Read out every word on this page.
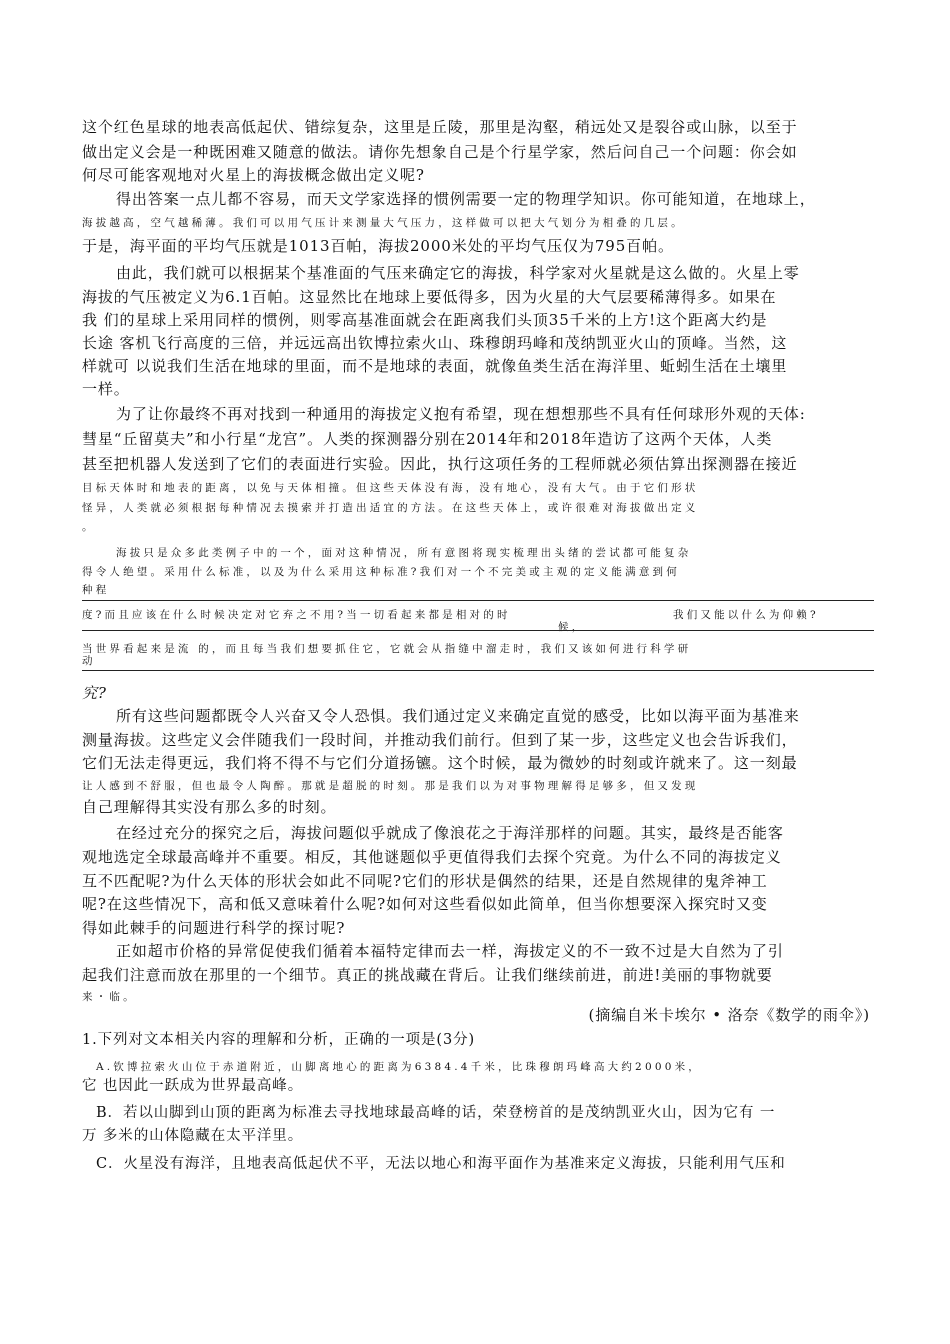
这个红色星球的地表高低起伏、错综复杂，这里是丘陵，那里是沟壑，稍远处又是裂谷或山脉，以至于
做出定义会是一种既困难又随意的做法。请你先想象自己是个行星学家，然后问自己一个问题：你会如
何尽可能客观地对火星上的海拔概念做出定义呢?
得出答案一点儿都不容易，而天文学家选择的惯例需要一定的物理学知识。你可能知道，在地球上，
海拔越高，空气越稀薄。我们可以用气压计来测量大气压力，这样做可以把大气划分为相叠的几层。
于是，海平面的平均气压就是1013百帕，海拔2000米处的平均气压仅为795百帕。
由此，我们就可以根据某个基准面的气压来确定它的海拔，科学家对火星就是这么做的。火星上零
海拔的气压被定义为6.1百帕。这显然比在地球上要低得多，因为火星的大气层要稀薄得多。如果在
我 们的星球上采用同样的惯例，则零高基准面就会在距离我们头顶35千米的上方!这个距离大约是
长途 客机飞行高度的三倍，并远远高出钦博拉索火山、珠穆朗玛峰和茂纳凯亚火山的顶峰。当然，这
样就可 以说我们生活在地球的里面，而不是地球的表面，就像鱼类生活在海洋里、蚯蚓生活在土壤里
一样。
为了让你最终不再对找到一种通用的海拔定义抱有希望，现在想想那些不具有任何球形外观的天体:
彗星“丘留莫夫”和小行星“龙宫”。人类的探测器分别在2014年和2018年造访了这两个天体，人类
甚至把机器人发送到了它们的表面进行实验。因此，执行这项任务的工程师就必须估算出探测器在接近
目标天体时和地表的距离，以免与天体相撞。但这些天体没有海，没有地心，没有大气。由于它们形状
怪异，人类就必须根据每种情况去摸索并打造出适宜的方法。在这些天体上，或许很难对海拔做出定义
。
海拔只是众多此类例子中的一个，面对这种情况，所有意图将现实梳理出头绪的尝试都可能复杂
得令人绝望。采用什么标准，以及为什么采用这种标准?我们对一个不完美或主观的定义能满意到何
种程
度?而且应该在什么时候决定对它弃之不用?当一切看起来都是相对的时
候，
我们又能以什么为仰赖?
当世界看起来是流 的，而且每当我们想要抓住它，它就会从指缝中溜走时，我们又该如何进行科学研
动
究?
所有这些问题都既令人兴奋又令人恐惧。我们通过定义来确定直觉的感受，比如以海平面为基准来
测量海拔。这些定义会伴随我们一段时间，并推动我们前行。但到了某一步，这些定义也会告诉我们，
它们无法走得更远，我们将不得不与它们分道扬镳。这个时候，最为微妙的时刻或许就来了。这一刻最
让人感到不舒服，但也最令人陶醉。那就是超脱的时刻。那是我们以为对事物理解得足够多，但又发现
自己理解得其实没有那么多的时刻。
在经过充分的探究之后，海拔问题似乎就成了像浪花之于海洋那样的问题。其实，最终是否能客
观地选定全球最高峰并不重要。相反，其他谜题似乎更值得我们去探个究竟。为什么不同的海拔定义
互不匹配呢?为什么天体的形状会如此不同呢?它们的形状是偶然的结果，还是自然规律的鬼斧神工
呢?在这些情况下，高和低又意味着什么呢?如何对这些看似如此简单，但当你想要深入探究时又变
得如此棘手的问题进行科学的探讨呢?
正如超市价格的异常促使我们循着本福特定律而去一样，海拔定义的不一致不过是大自然为了引
起我们注意而放在那里的一个细节。真正的挑战藏在背后。让我们继续前进，前进!美丽的事物就要
来・临。
(摘编自米卡埃尔 • 洛奈《数学的雨伞》)
1.下列对文本相关内容的理解和分析，正确的一项是(3分)
A.钦博拉索火山位于赤道附近，山脚离地心的距离为6384.4千米，比珠穆朗玛峰高大约2000米，
它 也因此一跃成为世界最高峰。
B．若以山脚到山顶的距离为标准去寻找地球最高峰的话，荣登榜首的是茂纳凯亚火山，因为它有 一
万 多米的山体隐藏在太平洋里。
C．火星没有海洋，且地表高低起伏不平，无法以地心和海平面作为基准来定义海拔，只能利用气压和
